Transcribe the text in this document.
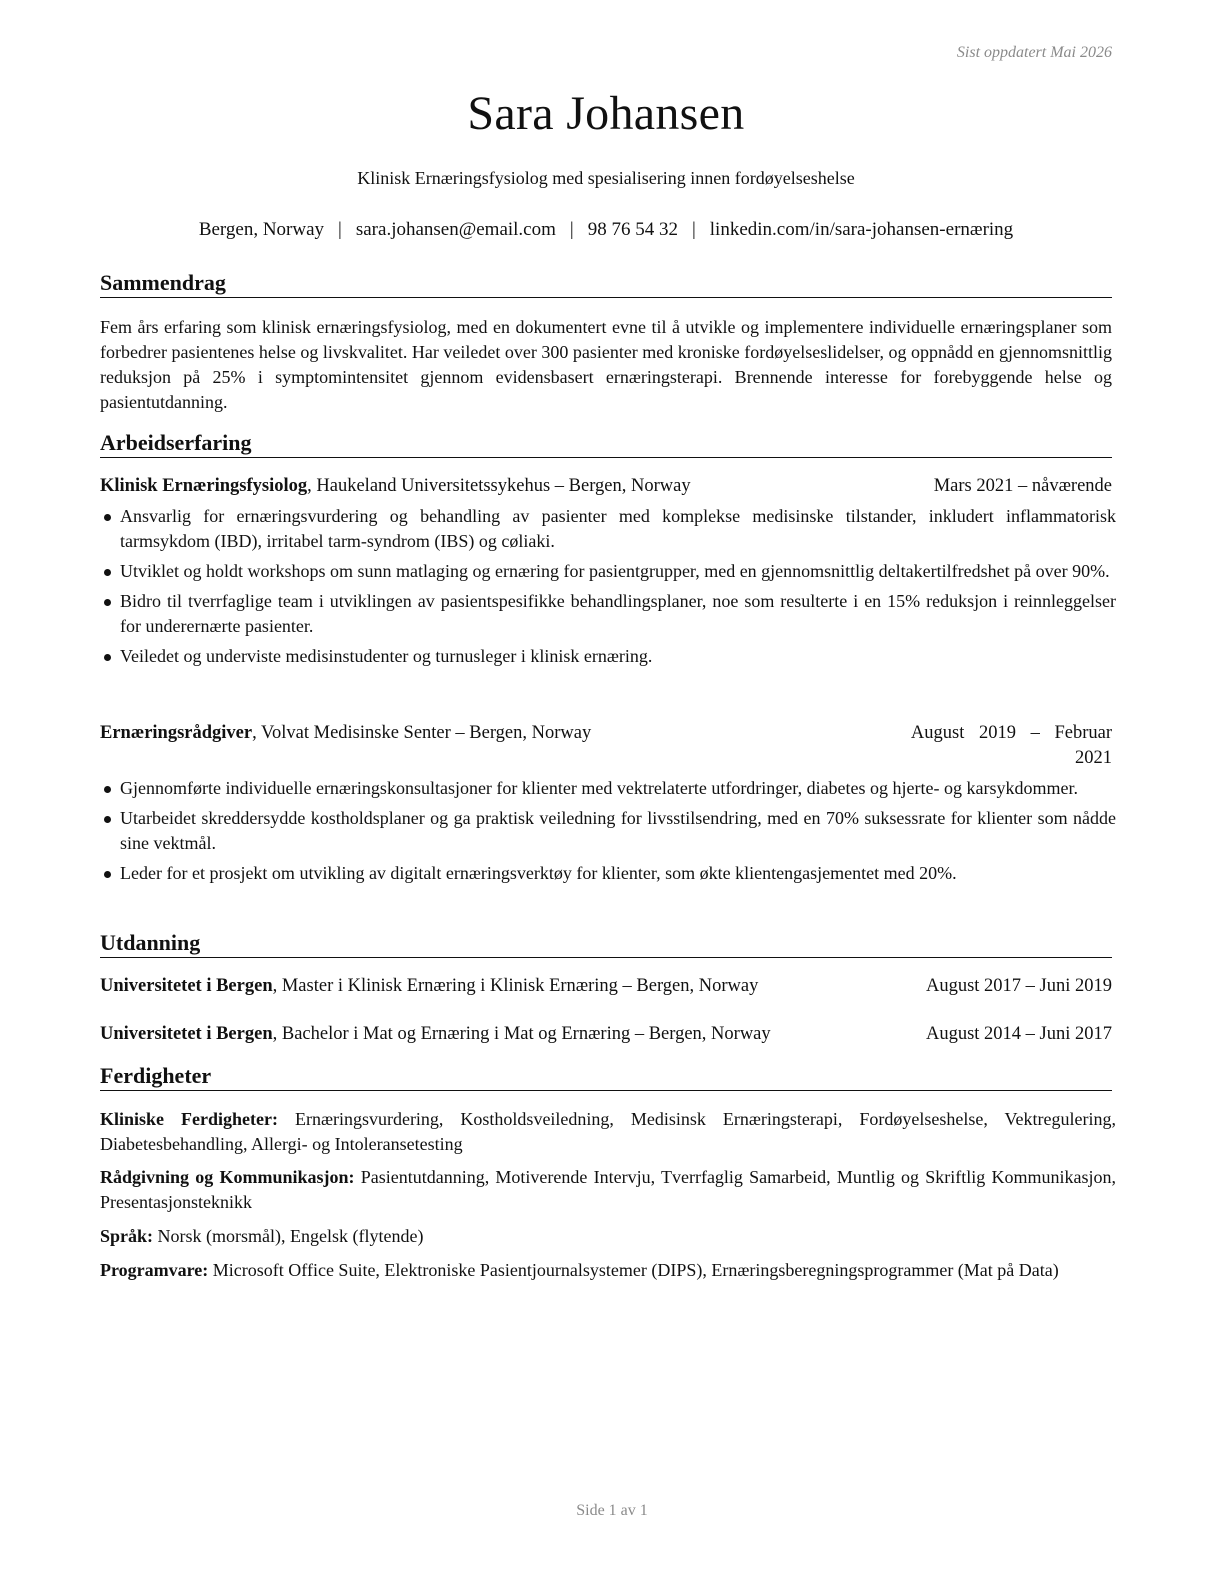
Sist oppdatert Mai 2026
Sara Johansen
Klinisk Ernæringsfysiolog med spesialisering innen fordøyelseshelse
Bergen, Norway | sara.johansen@email.com | 98 76 54 32 | linkedin.com/in/sara-johansen-ernæring
Sammendrag
Fem års erfaring som klinisk ernæringsfysiolog, med en dokumentert evne til å utvikle og implementere individuelle ernæringsplaner som forbedrer pasientenes helse og livskvalitet. Har veiledet over 300 pasienter med kroniske fordøyelseslidelser, og oppnådd en gjennomsnittlig reduksjon på 25% i symptomintensitet gjennom evidensbasert ernæringsterapi. Brennende interesse for forebyggende helse og pasientutdanning.
Arbeidserfaring
Klinisk Ernæringsfysiolog, Haukeland Universitetssykehus – Bergen, Norway	Mars 2021 – nåværende
Ansvarlig for ernæringsvurdering og behandling av pasienter med komplekse medisinske tilstander, inkludert inflammatorisk tarmsykdom (IBD), irritabel tarm-syndrom (IBS) og cøliaki.
Utviklet og holdt workshops om sunn matlaging og ernæring for pasientgrupper, med en gjennomsnittlig deltakertilfredshet på over 90%.
Bidro til tverrfaglige team i utviklingen av pasientspesifikke behandlingsplaner, noe som resulterte i en 15% reduksjon i reinnleggelser for underernærte pasienter.
Veiledet og underviste medisinstudenter og turnusleger i klinisk ernæring.
Ernæringsrådgiver, Volvat Medisinske Senter – Bergen, Norway	August 2019 – Februar
2021
Gjennomførte individuelle ernæringskonsultasjoner for klienter med vektrelaterte utfordringer, diabetes og hjerte- og karsykdommer.
Utarbeidet skreddersydde kostholdsplaner og ga praktisk veiledning for livsstilsendring, med en 70% suksessrate for klienter som nådde sine vektmål.
Leder for et prosjekt om utvikling av digitalt ernæringsverktøy for klienter, som økte klientengasjementet med 20%.
Utdanning
Universitetet i Bergen, Master i Klinisk Ernæring i Klinisk Ernæring – Bergen, Norway	August 2017 – Juni 2019
Universitetet i Bergen, Bachelor i Mat og Ernæring i Mat og Ernæring – Bergen, Norway	August 2014 – Juni 2017
Ferdigheter
Kliniske Ferdigheter: Ernæringsvurdering, Kostholdsveiledning, Medisinsk Ernæringsterapi, Fordøyelseshelse, Vektregulering, Diabetesbehandling, Allergi- og Intoleransetesting
Rådgivning og Kommunikasjon: Pasientutdanning, Motiverende Intervju, Tverrfaglig Samarbeid, Muntlig og Skriftlig Kommunikasjon, Presentasjonsteknikk
Språk: Norsk (morsmål), Engelsk (flytende)
Programvare: Microsoft Office Suite, Elektroniske Pasientjournalsystemer (DIPS), Ernæringsberegningsprogrammer (Mat på Data)
Side 1 av 1
